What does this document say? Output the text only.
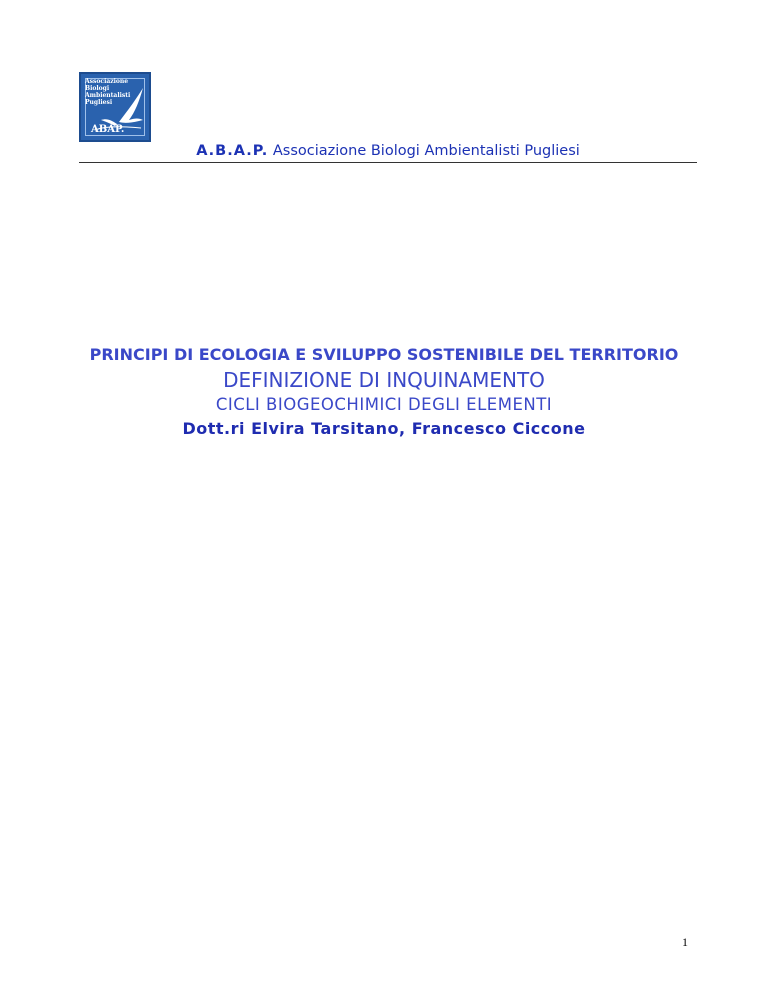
Associazione
Biologi
Ambientalisti
Pugliesi
ABAP.
A.B.A.P. Associazione Biologi Ambientalisti Pugliesi
PRINCIPI DI ECOLOGIA E SVILUPPO SOSTENIBILE DEL TERRITORIO
DEFINIZIONE DI INQUINAMENTO
CICLI BIOGEOCHIMICI DEGLI ELEMENTI
Dott.ri Elvira Tarsitano, Francesco Ciccone
1
